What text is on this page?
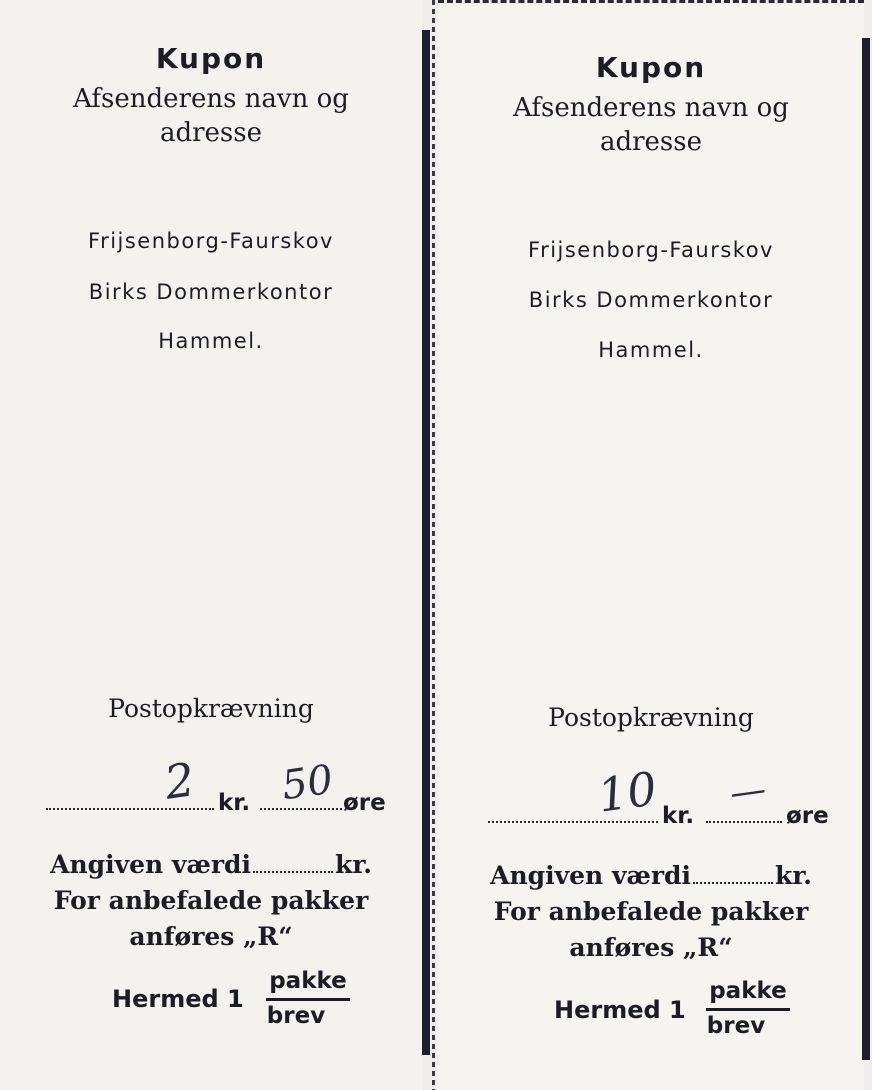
Kupon
Afsenderens navn og
adresse
Frijsenborg-Faurskov
Birks Dommerkontor
Hammel.
Postopkrævning
2 kr. 50 øre
Angiven værdi	kr.
For anbefalede pakker
anføres „R“
Hermed 1
pakke
brev
Kupon
Afsenderens navn og
adresse
Frijsenborg-Faurskov
Birks Dommerkontor
Hammel.
Postopkrævning
10 kr.
—
øre
Angiven værdi	kr.
For anbefalede pakker
anføres „R“
Hermed 1
pakke
brev
